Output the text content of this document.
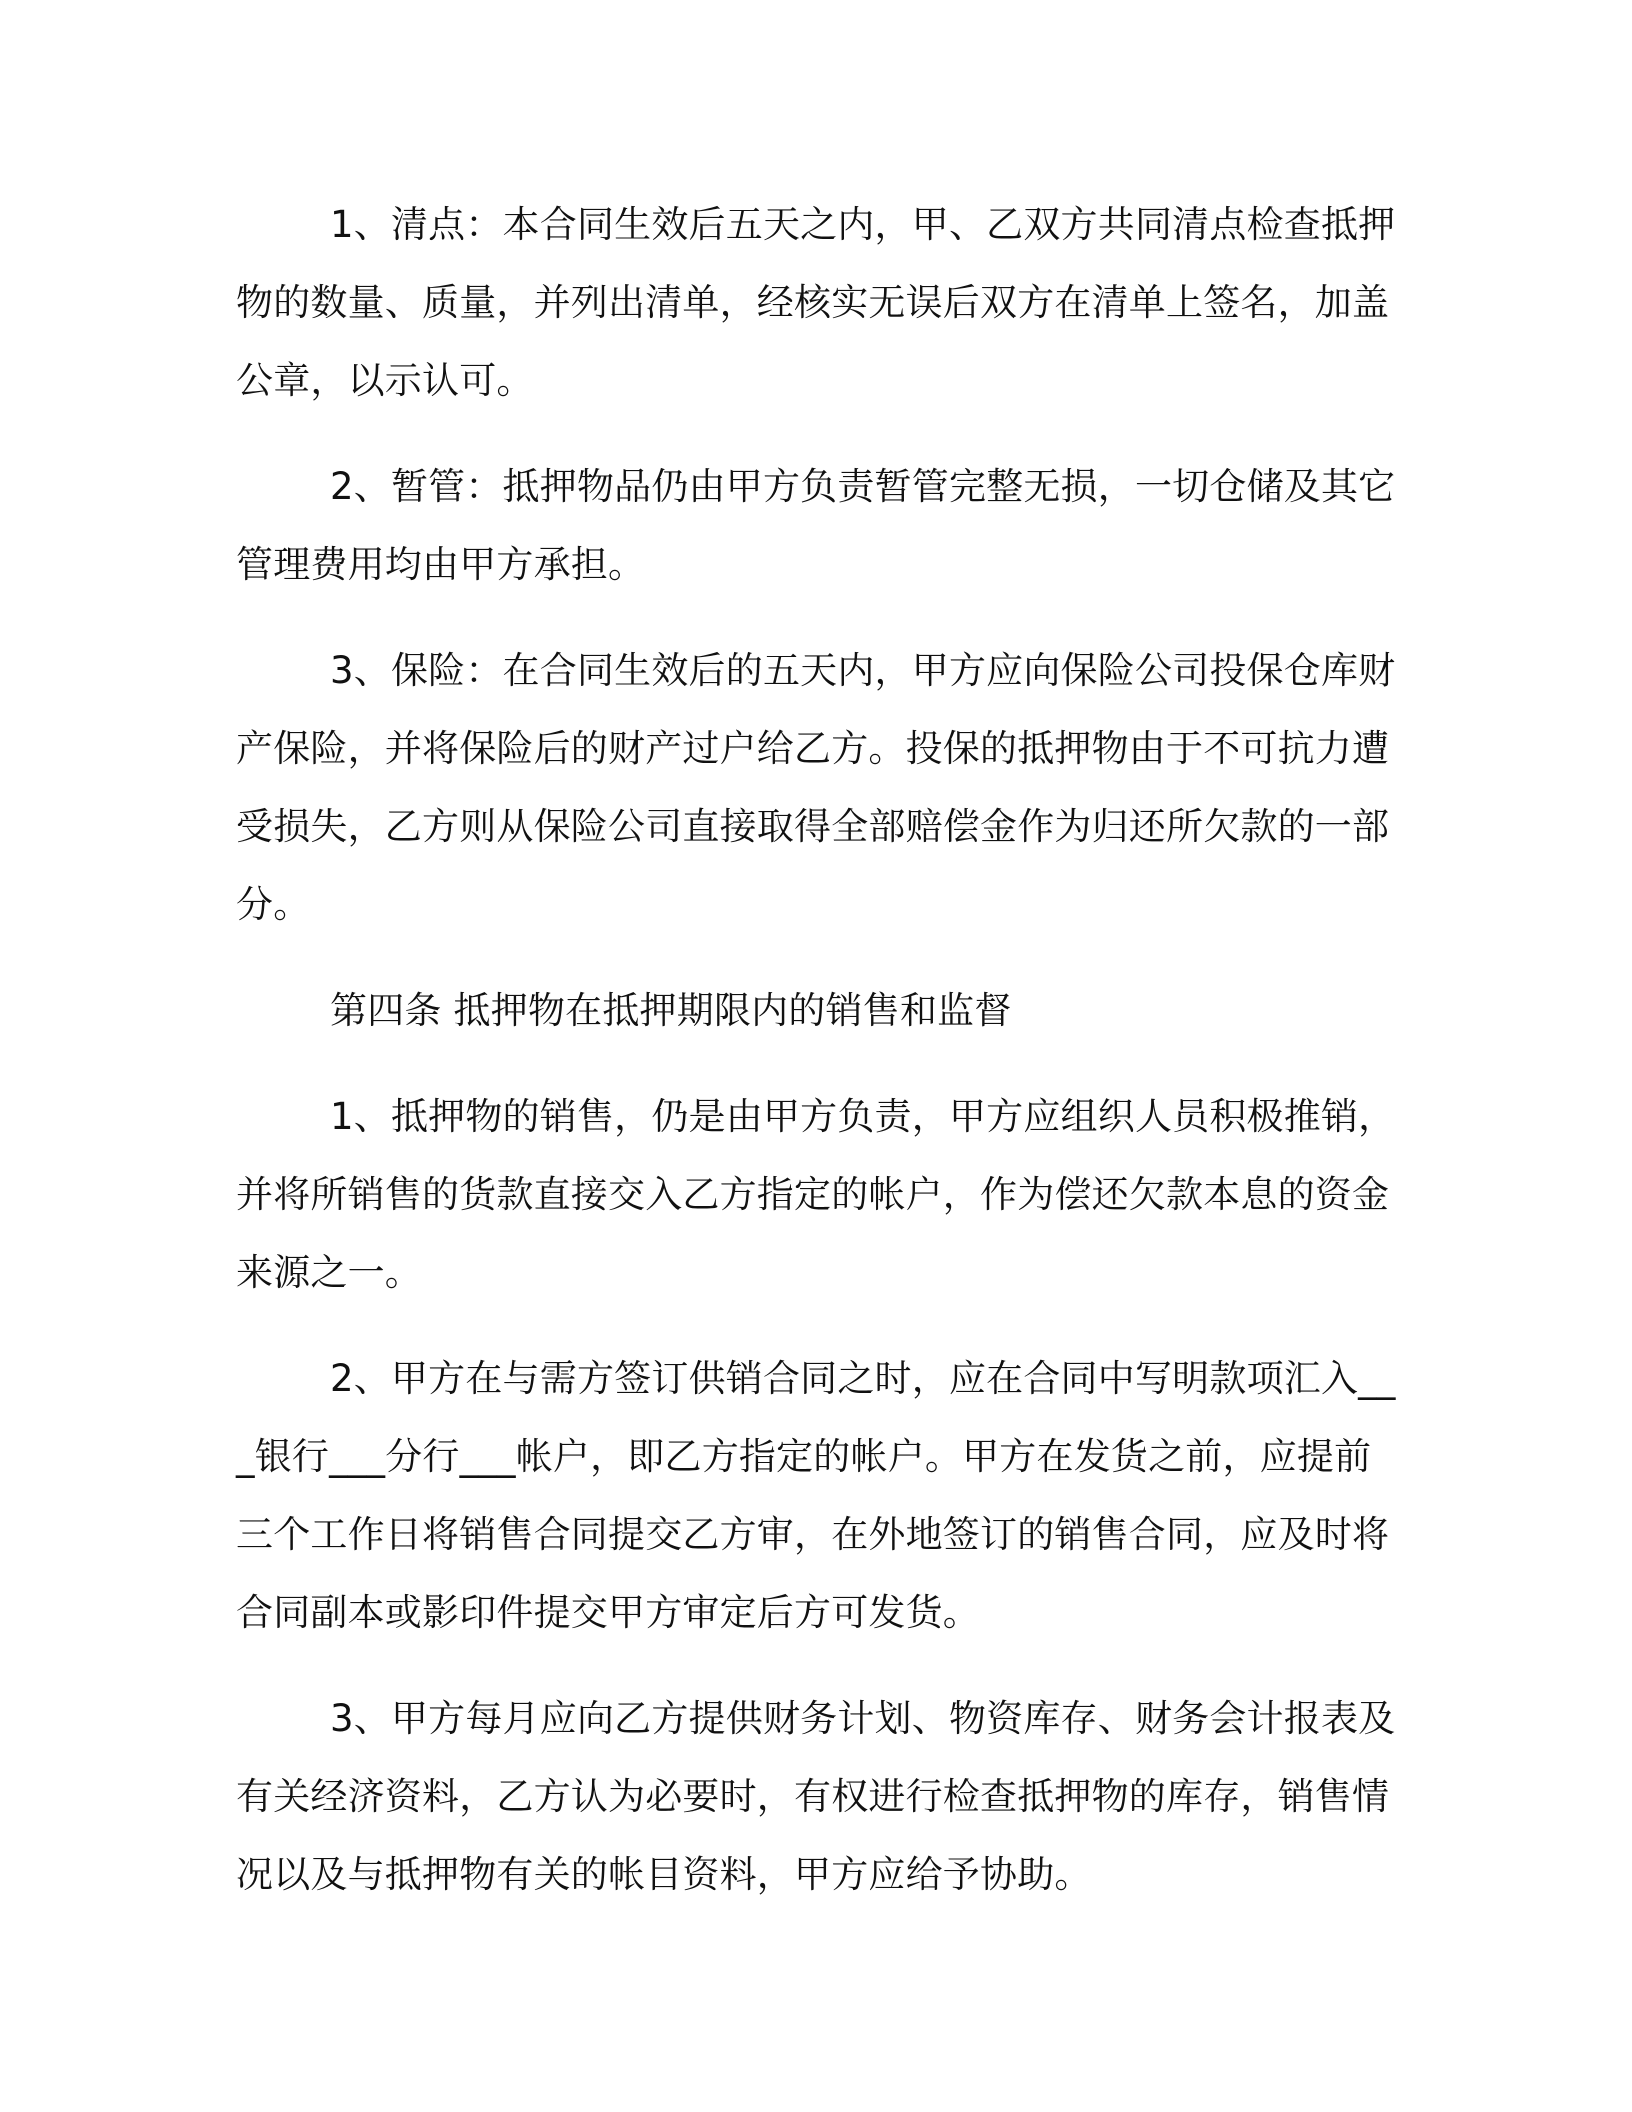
1、清点：本合同生效后五天之内，甲、乙双方共同清点检查抵押物的数量、质量，并列出清单，经核实无误后双方在清单上签名，加盖公章，以示认可。

2、暂管：抵押物品仍由甲方负责暂管完整无损，一切仓储及其它管理费用均由甲方承担。

3、保险：在合同生效后的五天内，甲方应向保险公司投保仓库财产保险，并将保险后的财产过户给乙方。投保的抵押物由于不可抗力遭受损失，乙方则从保险公司直接取得全部赔偿金作为归还所欠款的一部分。

第四条 抵押物在抵押期限内的销售和监督

1、抵押物的销售，仍是由甲方负责，甲方应组织人员积极推销，并将所销售的货款直接交入乙方指定的帐户，作为偿还欠款本息的资金来源之一。

2、甲方在与需方签订供销合同之时，应在合同中写明款项汇入___银行___分行___帐户，即乙方指定的帐户。甲方在发货之前，应提前三个工作日将销售合同提交乙方审，在外地签订的销售合同，应及时将合同副本或影印件提交甲方审定后方可发货。

3、甲方每月应向乙方提供财务计划、物资库存、财务会计报表及有关经济资料，乙方认为必要时，有权进行检查抵押物的库存，销售情况以及与抵押物有关的帐目资料，甲方应给予协助。
